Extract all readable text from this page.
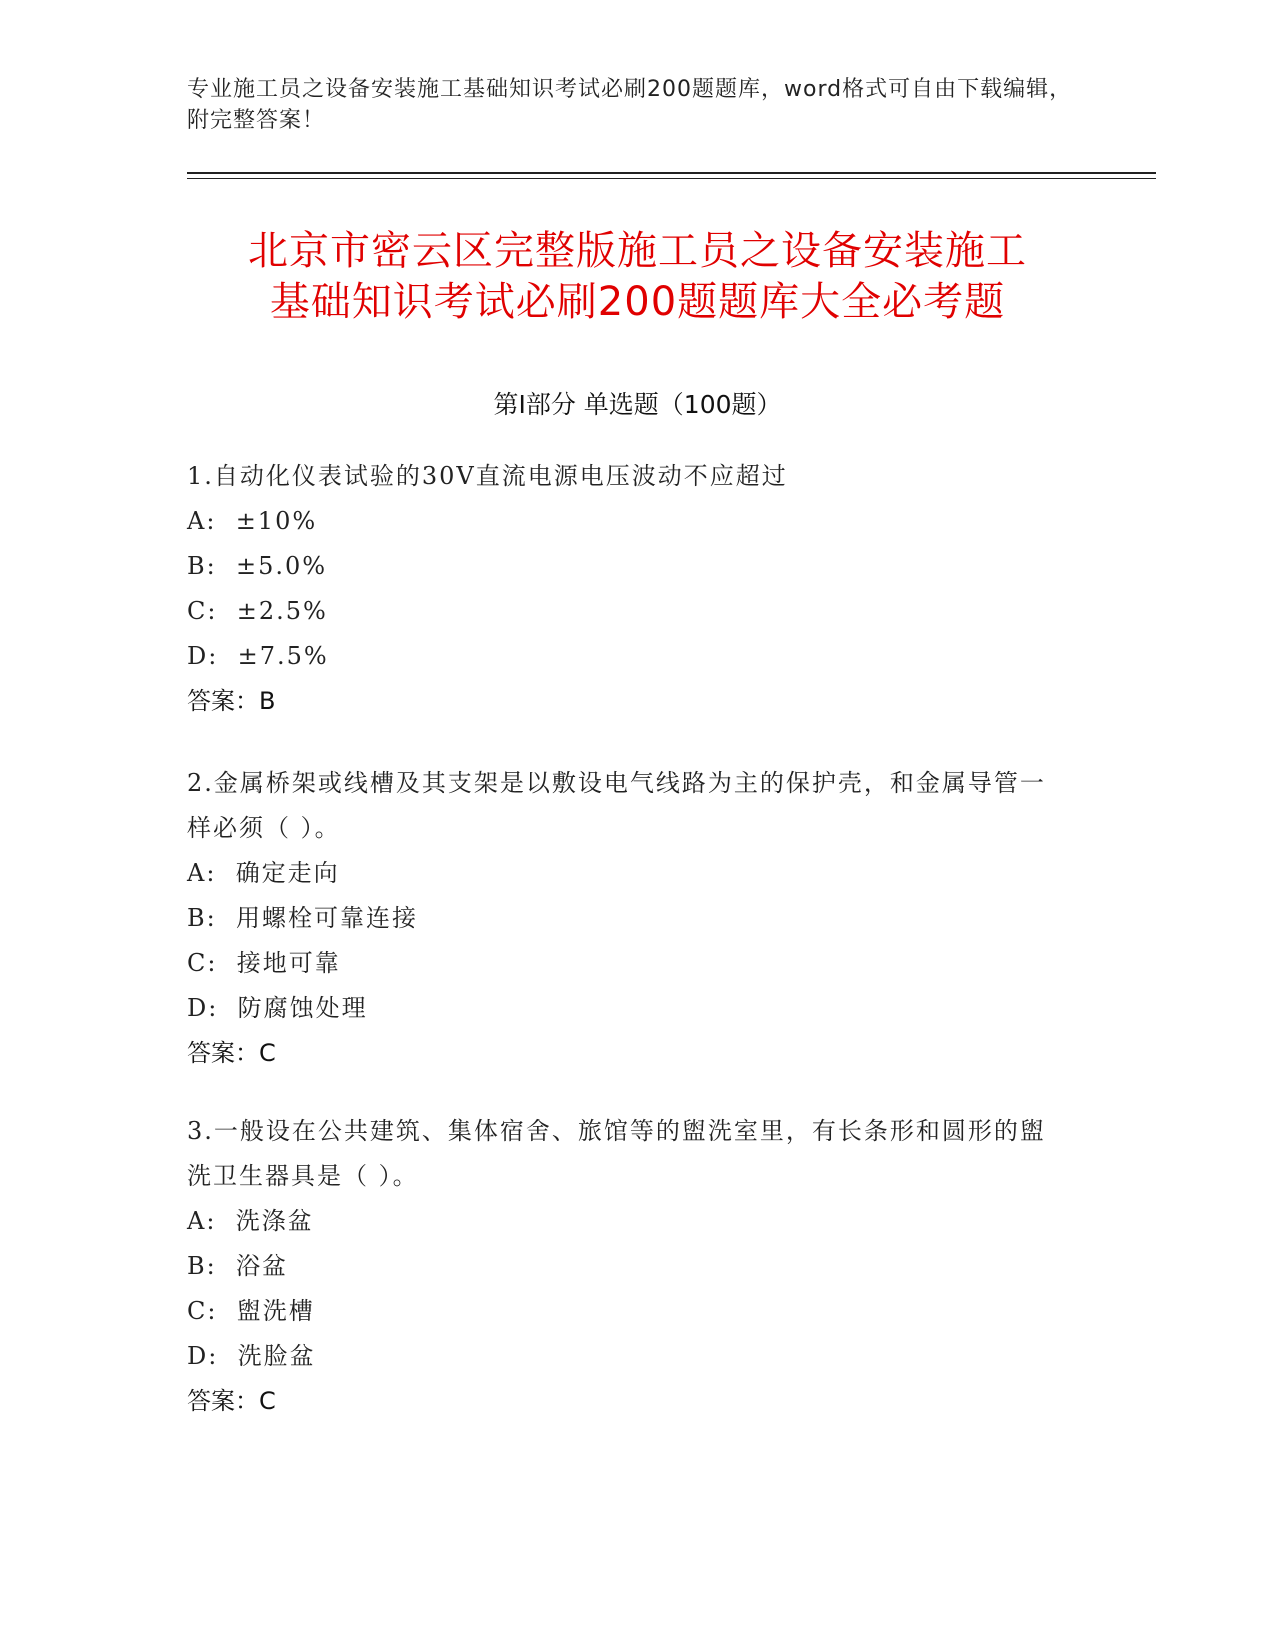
专业施工员之设备安装施工基础知识考试必刷200题题库，word格式可自由下载编辑，附完整答案！
北京市密云区完整版施工员之设备安装施工
基础知识考试必刷200题题库大全必考题
第Ⅰ部分 单选题（100题）
1.自动化仪表试验的30V直流电源电压波动不应超过
A: ±10%
B: ±5.0%
C: ±2.5%
D: ±7.5%
答案：B
2.金属桥架或线槽及其支架是以敷设电气线路为主的保护壳，和金属导管一样必须（ ）。
A: 确定走向
B: 用螺栓可靠连接
C: 接地可靠
D: 防腐蚀处理
答案：C
3.一般设在公共建筑、集体宿舍、旅馆等的盥洗室里，有长条形和圆形的盥洗卫生器具是（ ）。
A: 洗涤盆
B: 浴盆
C: 盥洗槽
D: 洗脸盆
答案：C
